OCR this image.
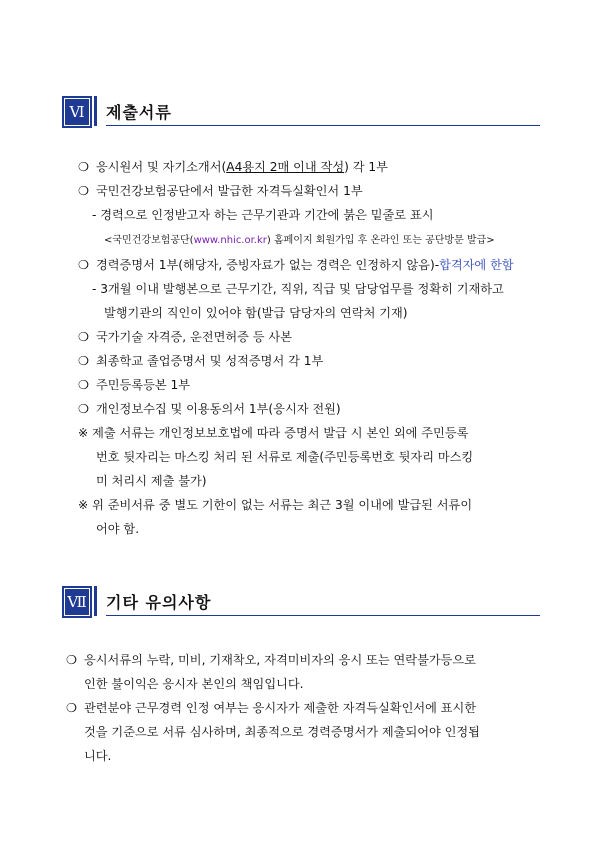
Ⅵ	제출서류
❍ 응시원서 및 자기소개서(A4용지 2매 이내 작성) 각 1부
❍ 국민건강보험공단에서 발급한 자격득실확인서 1부
- 경력으로 인정받고자 하는 근무기관과 기간에 붉은 밑줄로 표시
<국민건강보험공단(www.nhic.or.kr) 홈페이지 회원가입 후 온라인 또는 공단방문 발급>
❍ 경력증명서 1부(해당자, 증빙자료가 없는 경력은 인정하지 않음)-합격자에 한함
- 3개월 이내 발행본으로 근무기간, 직위, 직급 및 담당업무를 정확히 기재하고
발행기관의 직인이 있어야 함(발급 담당자의 연락처 기재)
❍ 국가기술 자격증, 운전면허증 등 사본
❍ 최종학교 졸업증명서 및 성적증명서 각 1부
❍ 주민등록등본 1부
❍ 개인정보수집 및 이용동의서 1부(응시자 전원)
※ 제출 서류는 개인정보보호법에 따라 증명서 발급 시 본인 외에 주민등록
번호 뒷자리는 마스킹 처리 된 서류로 제출(주민등록번호 뒷자리 마스킹
미 처리시 제출 불가)
※ 위 준비서류 중 별도 기한이 없는 서류는 최근 3월 이내에 발급된 서류이
어야 함.
Ⅶ	기타 유의사항
❍ 응시서류의 누락, 미비, 기재착오, 자격미비자의 응시 또는 연락불가등으로
인한 불이익은 응시자 본인의 책임입니다.
❍ 관련분야 근무경력 인정 여부는 응시자가 제출한 자격득실확인서에 표시한
것을 기준으로 서류 심사하며, 최종적으로 경력증명서가 제출되어야 인정됩
니다.
